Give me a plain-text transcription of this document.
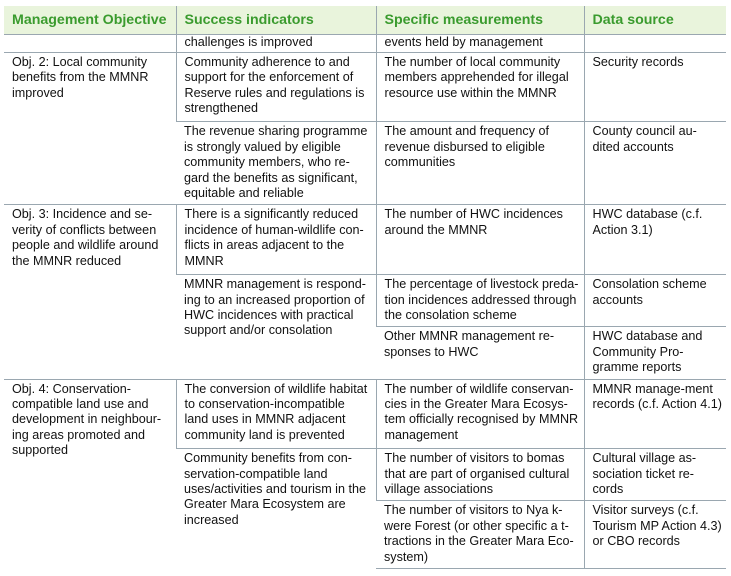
Management Objective	Success indicators	Specific measurements	Data source
	challenges is improved	events held by management	
Obj. 2: Local community benefits from the MMNR improved	Community adherence to and support for the enforcement of Reserve rules and regulations is strengthened	The number of local community members apprehended for illegal resource use within the MMNR	Security records
	The revenue sharing programme is strongly valued by eligible community members, who re-gard the benefits as significant, equitable and reliable	The amount and frequency of revenue disbursed to eligible communities	County council au-dited accounts
Obj. 3: Incidence and se-verity of conflicts between people and wildlife around the MMNR reduced	There is a significantly reduced incidence of human-wildlife con-flicts in areas adjacent to the MMNR	The number of HWC incidences around the MMNR	HWC database (c.f. Action 3.1)
	MMNR management is respond-ing to an increased proportion of HWC incidences with practical support and/or consolation	The percentage of livestock preda-tion incidences addressed through the consolation scheme	Consolation scheme accounts
		Other MMNR management re-sponses to HWC	HWC database and Community Pro-gramme reports
Obj. 4: Conservation-compatible land use and development in neighbour-ing areas promoted and supported	The conversion of wildlife habitat to conservation-incompatible land uses in MMNR adjacent community land is prevented	The number of wildlife conservan-cies in the Greater Mara Ecosys-tem officially recognised by MMNR management	MMNR manage-ment records (c.f. Action 4.1)
	Community benefits from con-servation-compatible land uses/activities and tourism in the Greater Mara Ecosystem are increased	The number of visitors to bomas that are part of organised cultural village associations	Cultural village as-sociation ticket re-cords
		The number of visitors to Nya k-were Forest (or other specific a t-tractions in the Greater Mara Eco-system)	Visitor surveys (c.f. Tourism MP Action 4.3) or CBO records
